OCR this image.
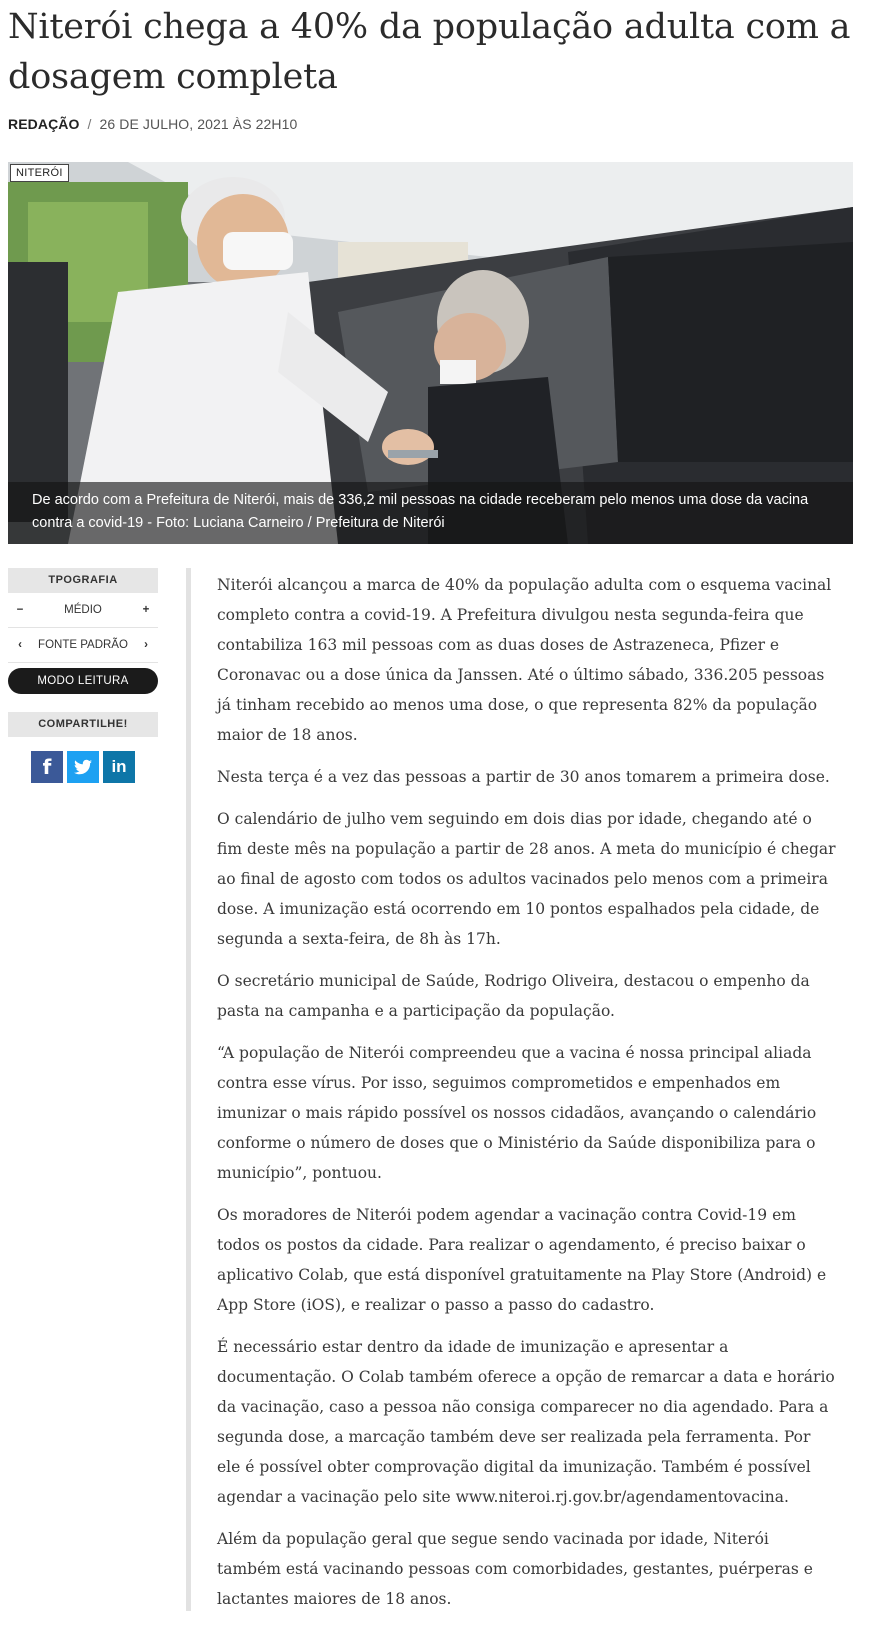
Niterói chega a 40% da população adulta com a dosagem completa
REDAÇÃO / 26 DE JULHO, 2021 ÀS 22H10
NITERÓI
De acordo com a Prefeitura de Niterói, mais de 336,2 mil pessoas na cidade receberam pelo menos uma dose da vacina contra a covid-19 - Foto: Luciana Carneiro / Prefeitura de Niterói
TPOGRAFIA
−	MÉDIO	+
‹	FONTE PADRÃO	›
MODO LEITURA
COMPARTILHE!
f	in

Niterói alcançou a marca de 40% da população adulta com o esquema vacinal completo contra a covid-19. A Prefeitura divulgou nesta segunda-feira que contabiliza 163 mil pessoas com as duas doses de Astrazeneca, Pfizer e Coronavac ou a dose única da Janssen. Até o último sábado, 336.205 pessoas já tinham recebido ao menos uma dose, o que representa 82% da população maior de 18 anos.

Nesta terça é a vez das pessoas a partir de 30 anos tomarem a primeira dose.

O calendário de julho vem seguindo em dois dias por idade, chegando até o fim deste mês na população a partir de 28 anos. A meta do município é chegar ao final de agosto com todos os adultos vacinados pelo menos com a primeira dose. A imunização está ocorrendo em 10 pontos espalhados pela cidade, de segunda a sexta-feira, de 8h às 17h.

O secretário municipal de Saúde, Rodrigo Oliveira, destacou o empenho da pasta na campanha e a participação da população.

“A população de Niterói compreendeu que a vacina é nossa principal aliada contra esse vírus. Por isso, seguimos comprometidos e empenhados em imunizar o mais rápido possível os nossos cidadãos, avançando o calendário conforme o número de doses que o Ministério da Saúde disponibiliza para o município”, pontuou.

Os moradores de Niterói podem agendar a vacinação contra Covid-19 em todos os postos da cidade. Para realizar o agendamento, é preciso baixar o aplicativo Colab, que está disponível gratuitamente na Play Store (Android) e App Store (iOS), e realizar o passo a passo do cadastro.

É necessário estar dentro da idade de imunização e apresentar a documentação. O Colab também oferece a opção de remarcar a data e horário da vacinação, caso a pessoa não consiga comparecer no dia agendado. Para a segunda dose, a marcação também deve ser realizada pela ferramenta. Por ele é possível obter comprovação digital da imunização. Também é possível agendar a vacinação pelo site www.niteroi.rj.gov.br/agendamentovacina.

Além da população geral que segue sendo vacinada por idade, Niterói também está vacinando pessoas com comorbidades, gestantes, puérperas e lactantes maiores de 18 anos.
